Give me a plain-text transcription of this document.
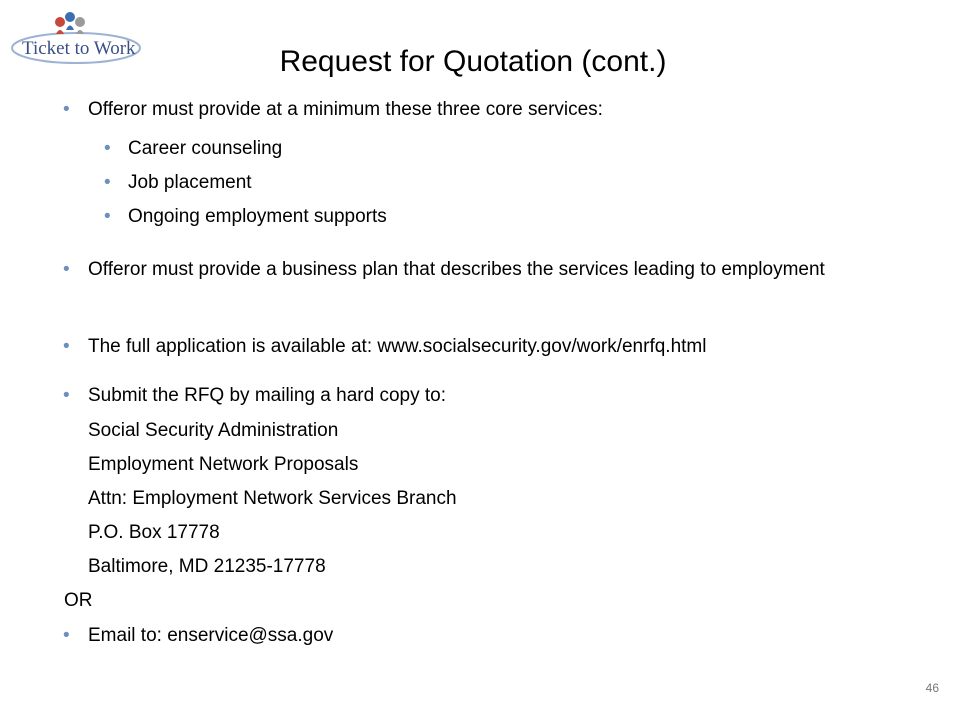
Ticket to Work	Request for Quotation (cont.)
• Offeror must provide at a minimum these three core services:
• Career counseling
• Job placement
• Ongoing employment supports
• Offeror must provide a business plan that describes the services leading to employment
• The full application is available at: www.socialsecurity.gov/work/enrfq.html
• Submit the RFQ by mailing a hard copy to:
Social Security Administration
Employment Network Proposals
Attn: Employment Network Services Branch
P.O. Box 17778
Baltimore, MD 21235-17778
OR
• Email to: enservice@ssa.gov
46
